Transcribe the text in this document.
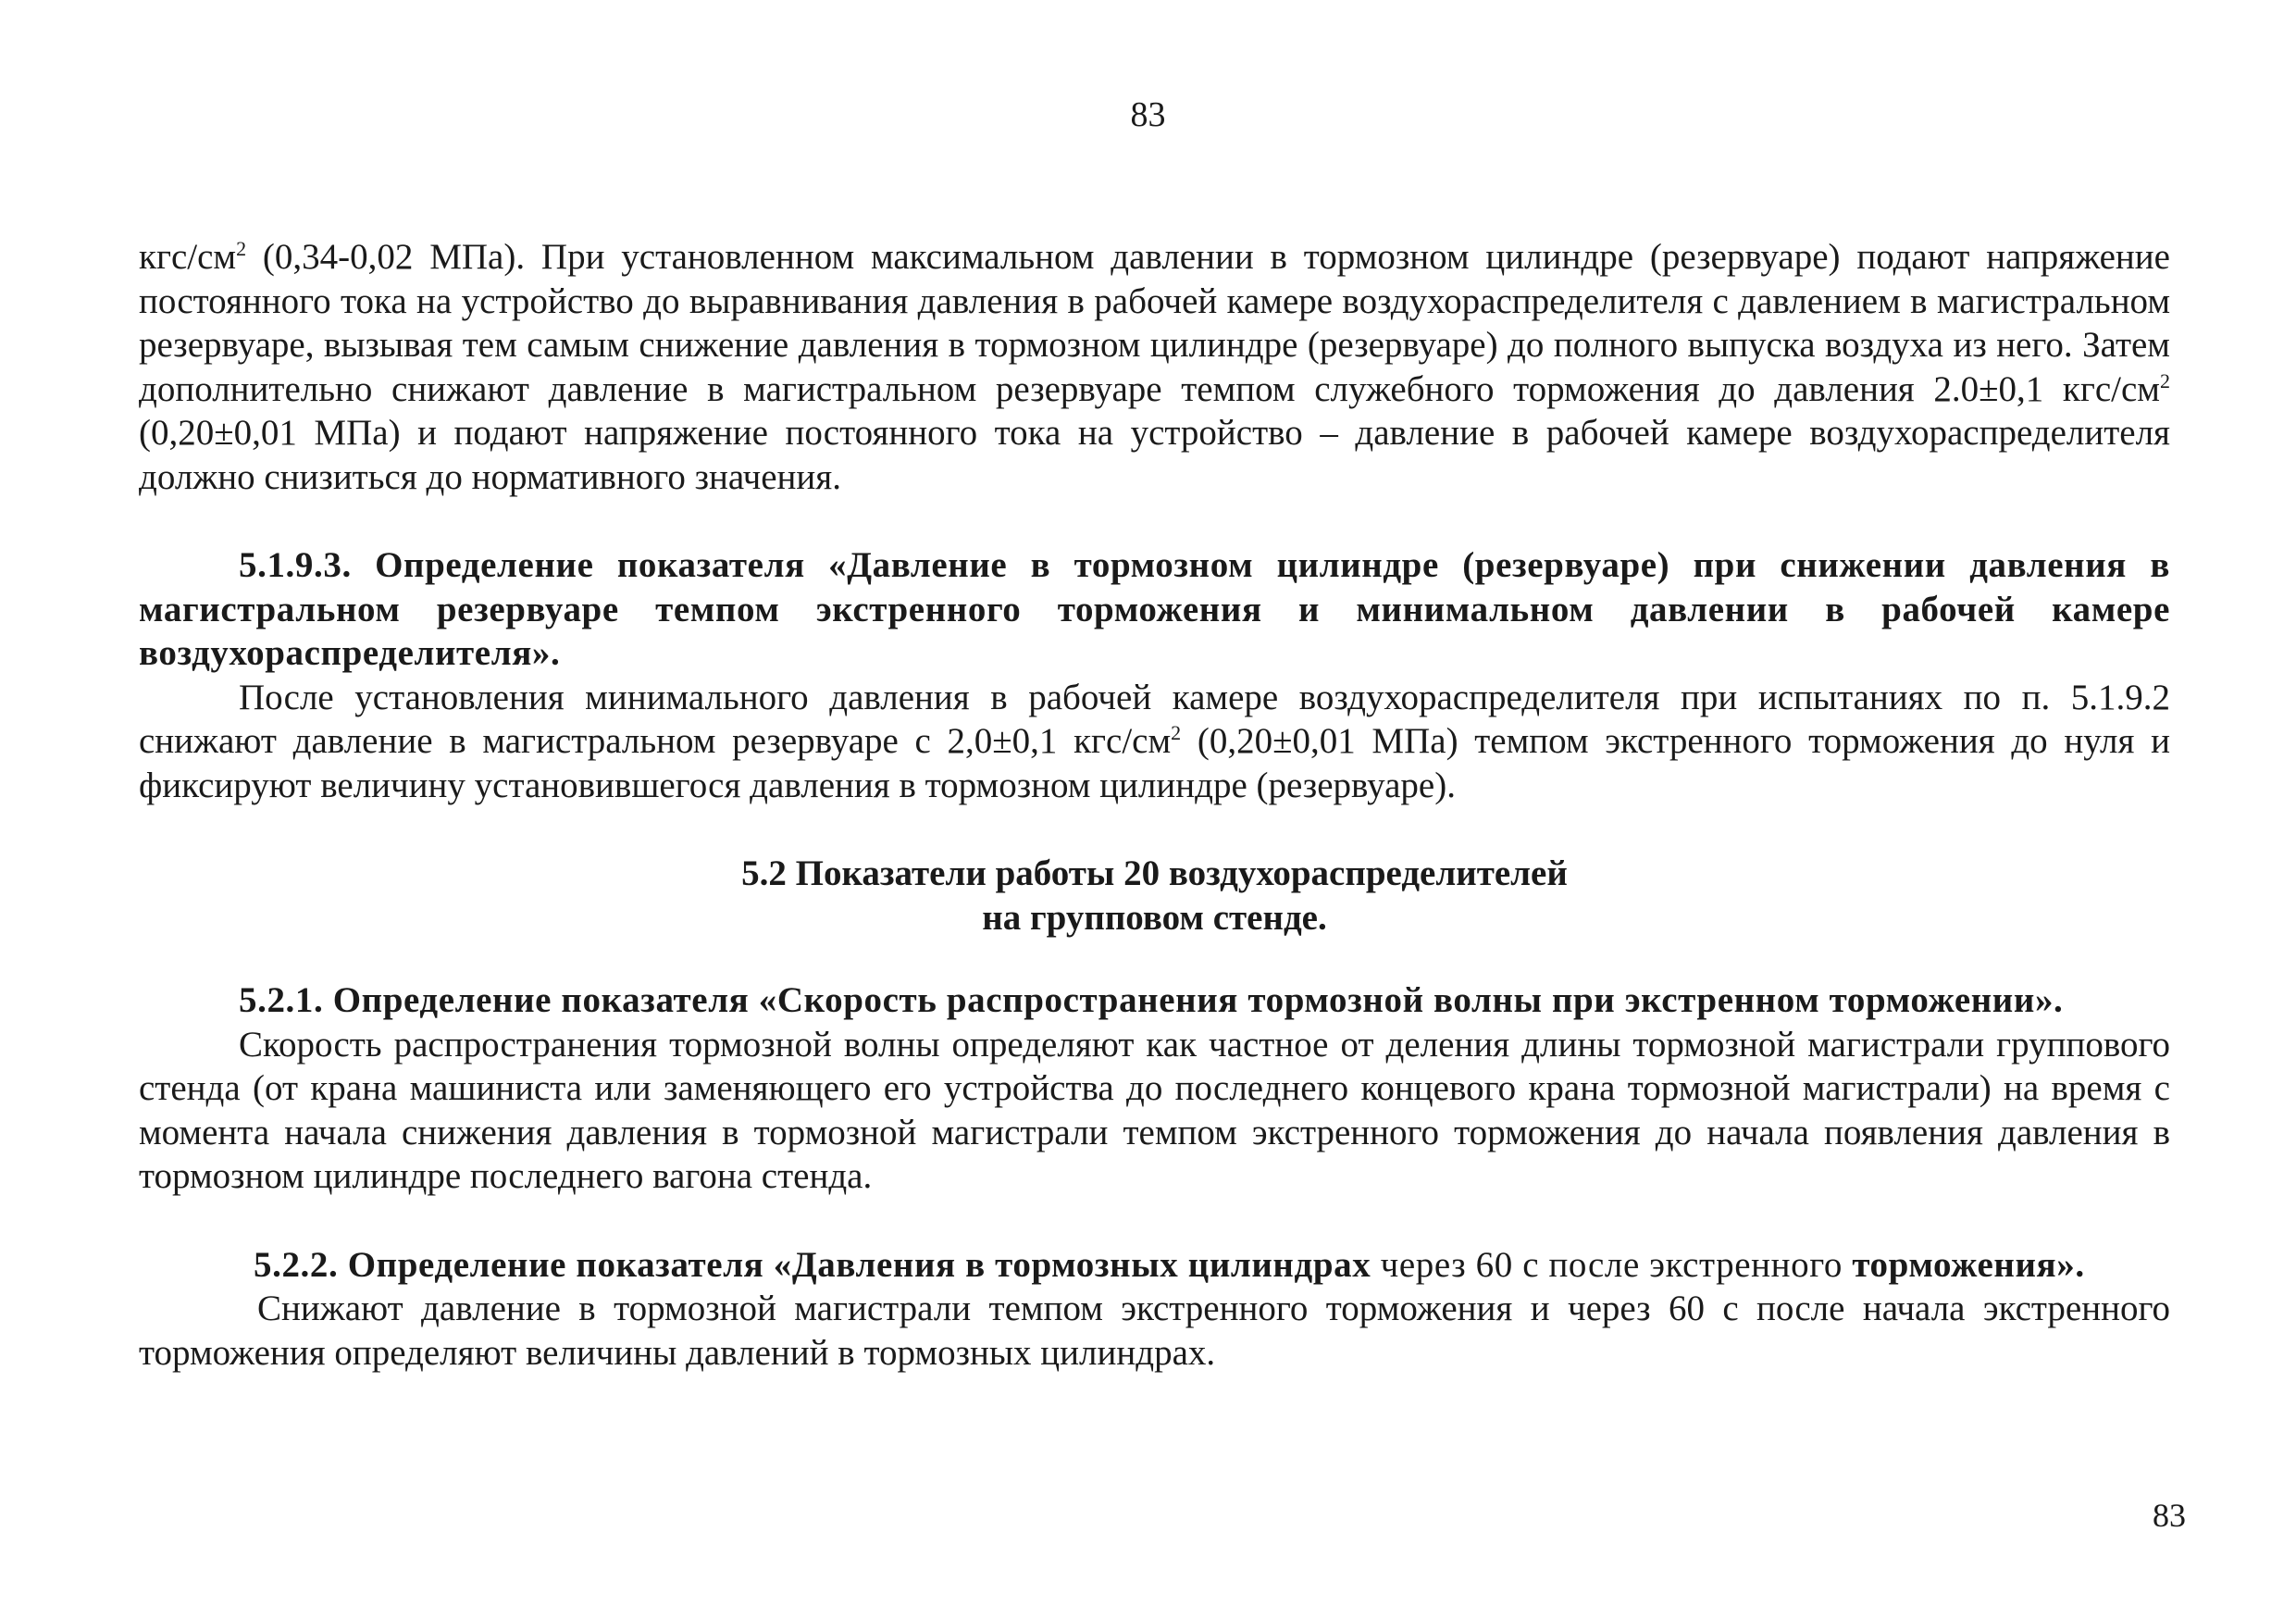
83

кгс/$см^2$ (0,34-0,02 МПа). При установленном максимальном давлении в тормозном цилиндре (резервуаре) подают напряжение постоянного тока на устройство до выравнивания давления в рабочей камере воздухораспределителя с давлением в магистральном резервуаре, вызывая тем самым снижение давления в тормозном цилиндре (резервуаре) до полного выпуска воздуха из него. Затем дополнительно снижают давление в магистральном резервуаре темпом служебного торможения до давления 2.0±0,1 кгс/$см^2$ (0,20±0,01 МПа) и подают напряжение постоянного тока на устройство – давление в рабочей камере воздухораспределителя должно снизиться до нормативного значения.

5.1.9.3. Определение показателя «Давление в тормозном цилиндре (резервуаре) при снижении давления в магистральном резервуаре темпом экстренного торможения и минимальном давлении в рабочей камере воздухораспределителя».

После установления минимального давления в рабочей камере воздухораспределителя при испытаниях по п. 5.1.9.2 снижают давление в магистральном резервуаре с 2,0±0,1 кгс/$см^2$ (0,20±0,01 МПа) темпом экстренного торможения до нуля и фиксируют величину установившегося давления в тормозном цилиндре (резервуаре).

5.2 Показатели работы 20 воздухораспределителей
на групповом стенде.
5.2.1. Определение показателя «Скорость распространения тормозной волны при экстренном торможении».

Скорость распространения тормозной волны определяют как частное от деления длины тормозной магистрали группового стенда (от крана машиниста или заменяющего его устройства до последнего концевого крана тормозной магистрали) на время с момента начала снижения давления в тормозной магистрали темпом экстренного торможения до начала появления давления в тормозном цилиндре последнего вагона стенда.

5.2.2. Определение показателя «Давления в тормозных цилиндрах через 60 с после экстренного торможения».

Снижают давление в тормозной магистрали темпом экстренного торможения и через 60 с после начала экстренного торможения определяют величины давлений в тормозных цилиндрах.

83
